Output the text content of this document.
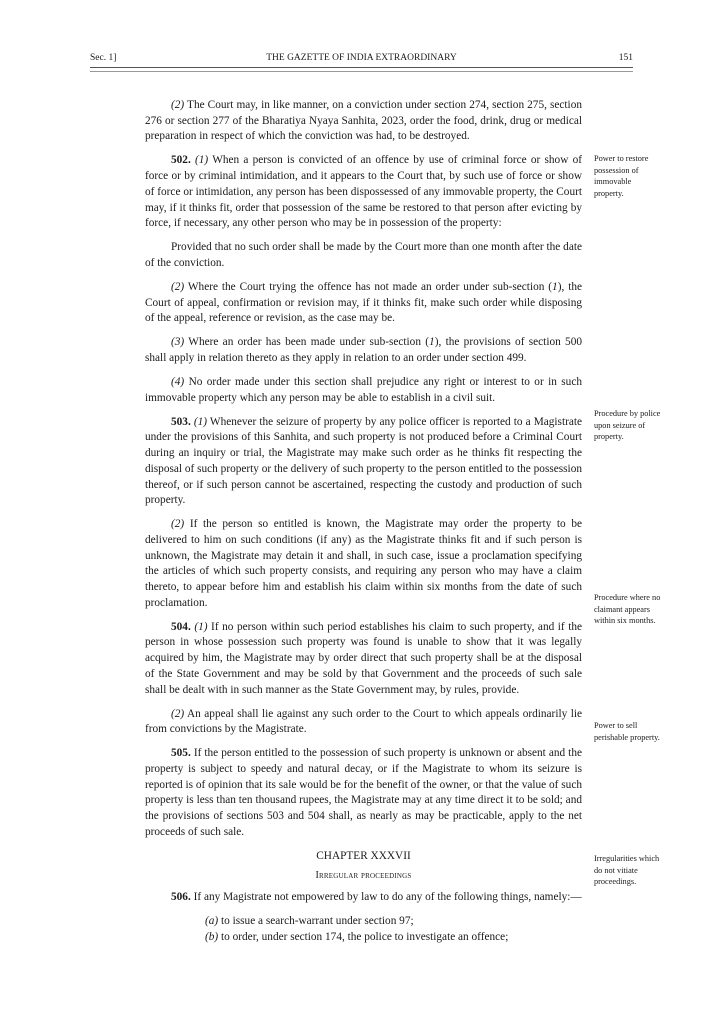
Sec. 1]	THE GAZETTE OF INDIA EXTRAORDINARY	151

(2) The Court may, in like manner, on a conviction under section 274, section 275, section 276 or section 277 of the Bharatiya Nyaya Sanhita, 2023, order the food, drink, drug or medical preparation in respect of which the conviction was had, to be destroyed.

502. (1) When a person is convicted of an offence by use of criminal force or show of force or by criminal intimidation, and it appears to the Court that, by such use of force or show of force or intimidation, any person has been dispossessed of any immovable property, the Court may, if it thinks fit, order that possession of the same be restored to that person after evicting by force, if necessary, any other person who may be in possession of the property:

Provided that no such order shall be made by the Court more than one month after the date of the conviction.

(2) Where the Court trying the offence has not made an order under sub-section (1), the Court of appeal, confirmation or revision may, if it thinks fit, make such order while disposing of the appeal, reference or revision, as the case may be.

(3) Where an order has been made under sub-section (1), the provisions of section 500 shall apply in relation thereto as they apply in relation to an order under section 499.

(4) No order made under this section shall prejudice any right or interest to or in such immovable property which any person may be able to establish in a civil suit.

503. (1) Whenever the seizure of property by any police officer is reported to a Magistrate under the provisions of this Sanhita, and such property is not produced before a Criminal Court during an inquiry or trial, the Magistrate may make such order as he thinks fit respecting the disposal of such property or the delivery of such property to the person entitled to the possession thereof, or if such person cannot be ascertained, respecting the custody and production of such property.

(2) If the person so entitled is known, the Magistrate may order the property to be delivered to him on such conditions (if any) as the Magistrate thinks fit and if such person is unknown, the Magistrate may detain it and shall, in such case, issue a proclamation specifying the articles of which such property consists, and requiring any person who may have a claim thereto, to appear before him and establish his claim within six months from the date of such proclamation.

504. (1) If no person within such period establishes his claim to such property, and if the person in whose possession such property was found is unable to show that it was legally acquired by him, the Magistrate may by order direct that such property shall be at the disposal of the State Government and may be sold by that Government and the proceeds of such sale shall be dealt with in such manner as the State Government may, by rules, provide.

(2) An appeal shall lie against any such order to the Court to which appeals ordinarily lie from convictions by the Magistrate.

505. If the person entitled to the possession of such property is unknown or absent and the property is subject to speedy and natural decay, or if the Magistrate to whom its seizure is reported is of opinion that its sale would be for the benefit of the owner, or that the value of such property is less than ten thousand rupees, the Magistrate may at any time direct it to be sold; and the provisions of sections 503 and 504 shall, as nearly as may be practicable, apply to the net proceeds of such sale.

CHAPTER XXXVII

Irregular proceedings

506. If any Magistrate not empowered by law to do any of the following things, namely:—

(a) to issue a search-warrant under section 97;

(b) to order, under section 174, the police to investigate an offence;

Power to restore possession of immovable property.
Procedure by police upon seizure of property.
Procedure where no claimant appears within six months.
Power to sell perishable property.
Irregularities which do not vitiate proceedings.
